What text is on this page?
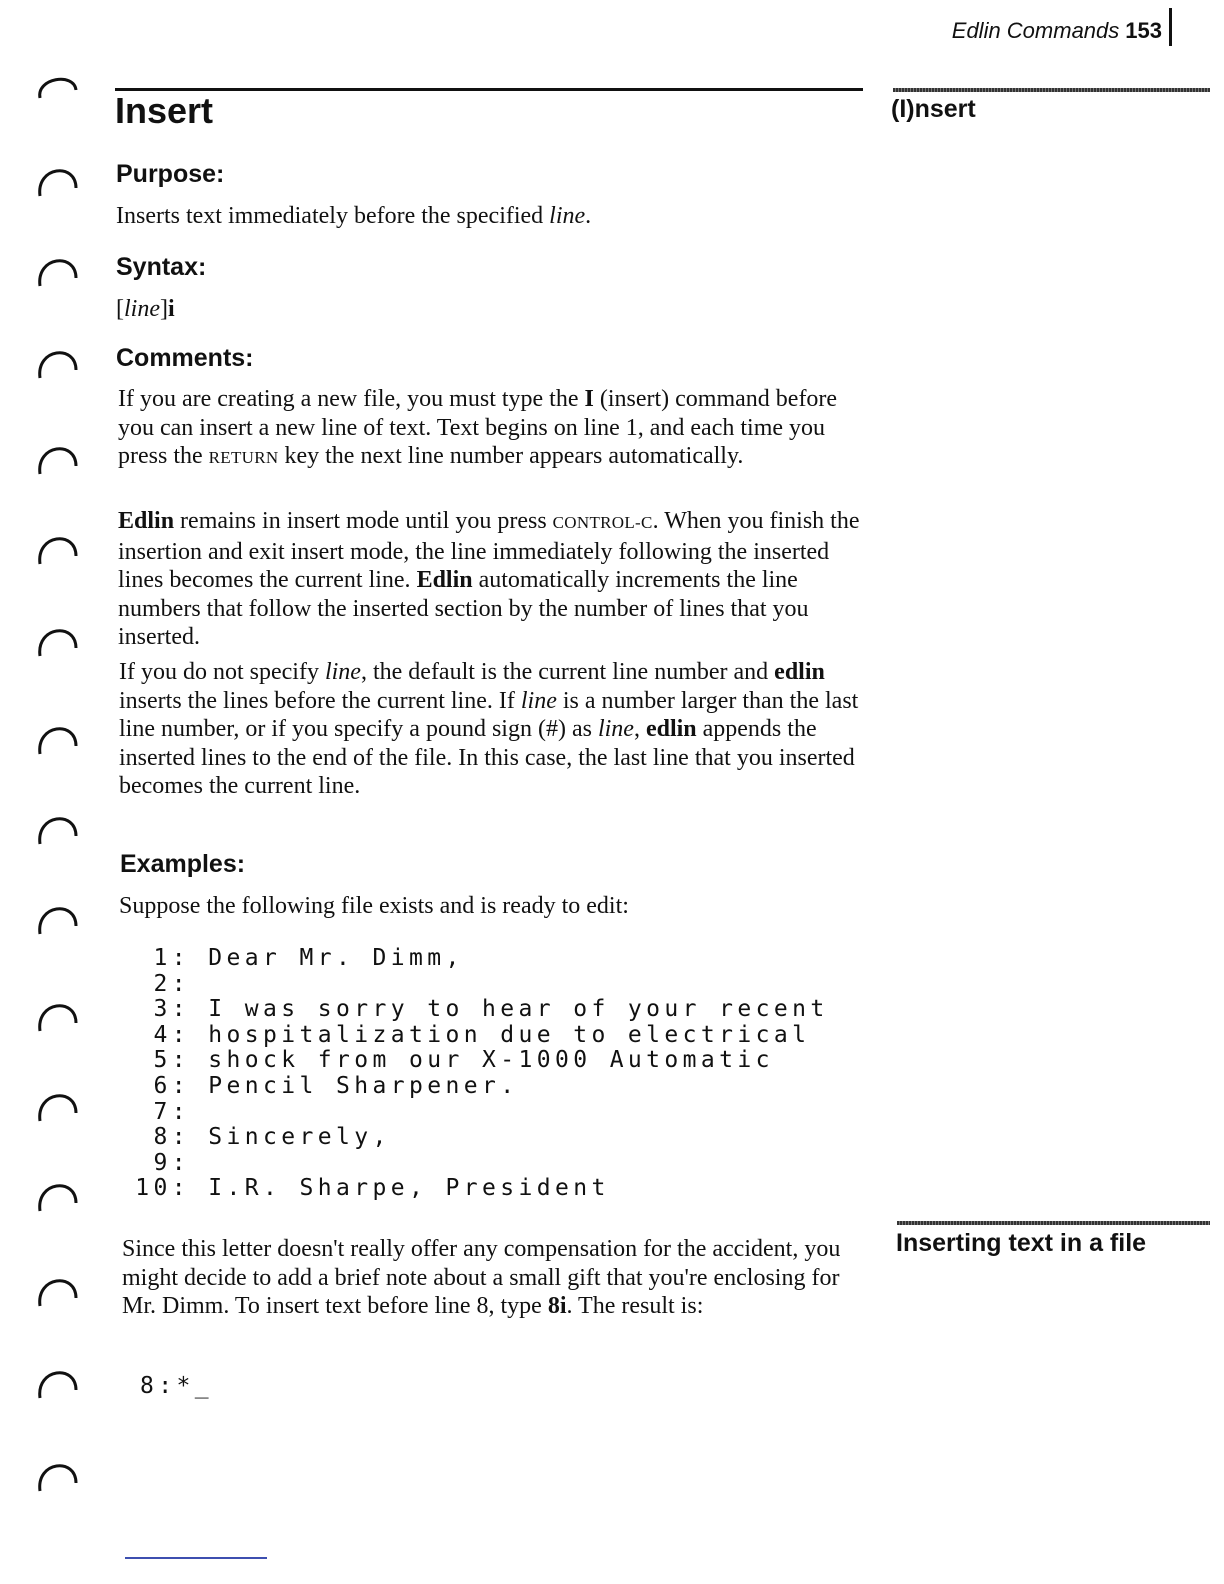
Edlin Commands 153
Insert	(I)nsert
Inserting text in a file
Purpose:

Inserts text immediately before the specified line.

Syntax:

[line]i

Comments:

If you are creating a new file, you must type the I (insert) command before you can insert a new line of text. Text begins on line 1, and each time you press the RETURN key the next line number appears automatically.

Edlin remains in insert mode until you press CONTROL-C. When you finish the insertion and exit insert mode, the line immediately following the inserted lines becomes the current line. Edlin automatically increments the line numbers that follow the inserted section by the number of lines that you inserted.

If you do not specify line, the default is the current line number and edlin inserts the lines before the current line. If line is a number larger than the last line number, or if you specify a pound sign (#) as line, edlin appends the inserted lines to the end of the file. In this case, the last line that you inserted becomes the current line.

Examples:

Suppose the following file exists and is ready to edit:

1: Dear Mr. Dimm,
2:
3: I was sorry to hear of your recent
4: hospitalization due to electrical
5: shock from our X-1000 Automatic
6: Pencil Sharpener.
7:
8: Sincerely,
9:
10: I.R. Sharpe, President

Since this letter doesn't really offer any compensation for the accident, you might decide to add a brief note about a small gift that you're enclosing for Mr. Dimm. To insert text before line 8, type 8i. The result is:

8:*_
